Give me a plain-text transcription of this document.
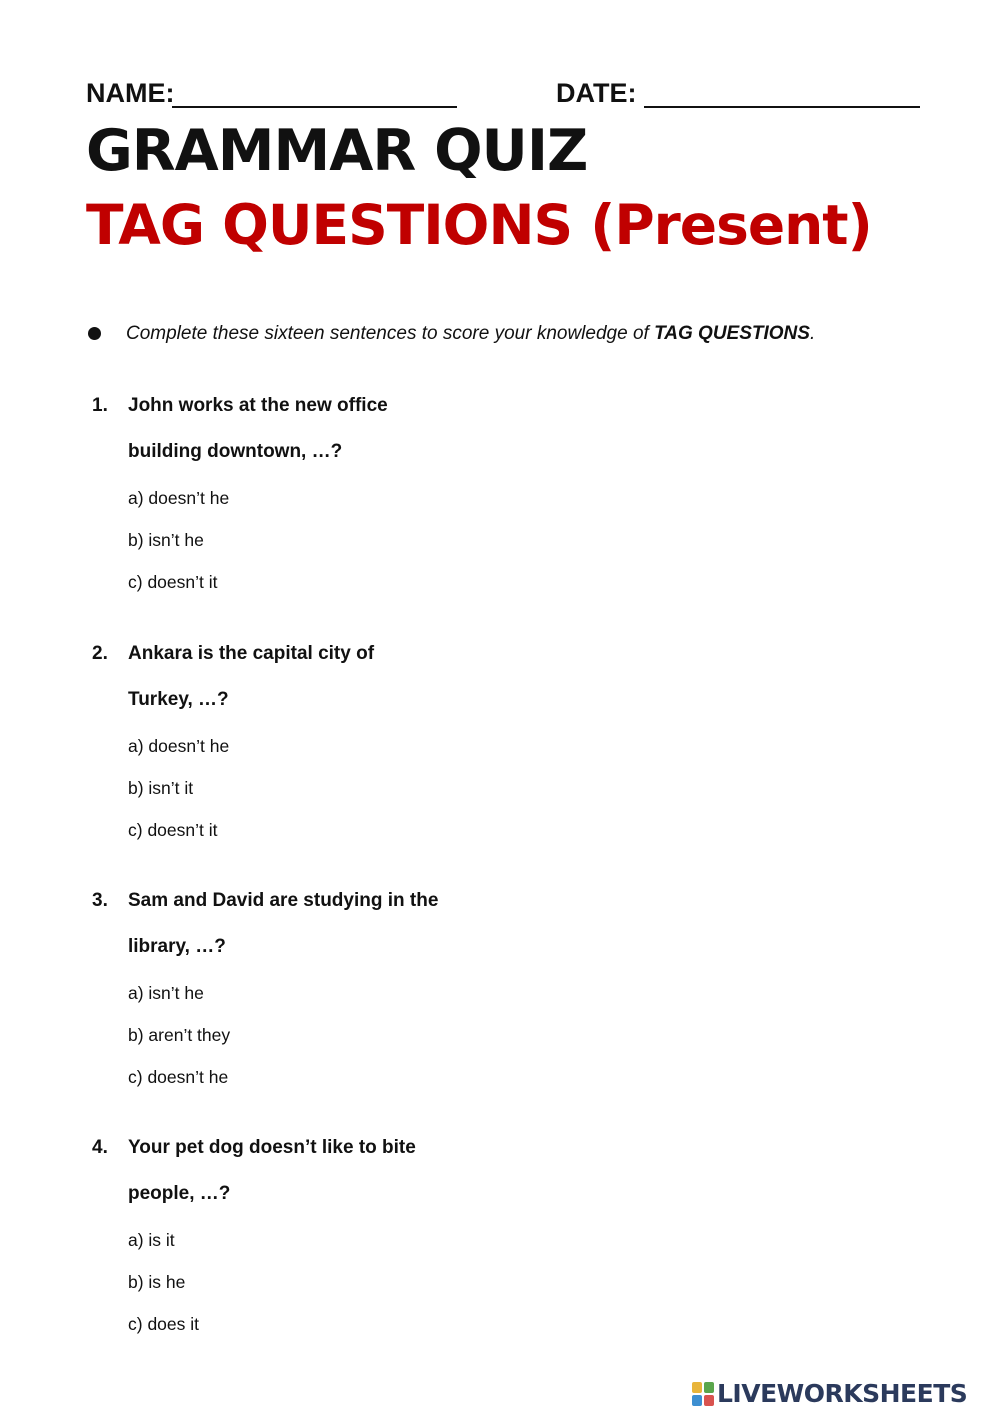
NAME:	DATE:
GRAMMAR QUIZ
TAG QUESTIONS (Present)
Complete these sixteen sentences to score your knowledge of TAG QUESTIONS.
1. John works at the new office
building downtown, …?
a) doesn’t he
b) isn’t he
c) doesn’t it
2. Ankara is the capital city of
Turkey, …?
a) doesn’t he
b) isn’t it
c) doesn’t it
3. Sam and David are studying in the
library, …?
a) isn’t he
b) aren’t they
c) doesn’t he
4. Your pet dog doesn’t like to bite
people, …?
a) is it
b) is he
c) does it
LIVEWORKSHEETS
